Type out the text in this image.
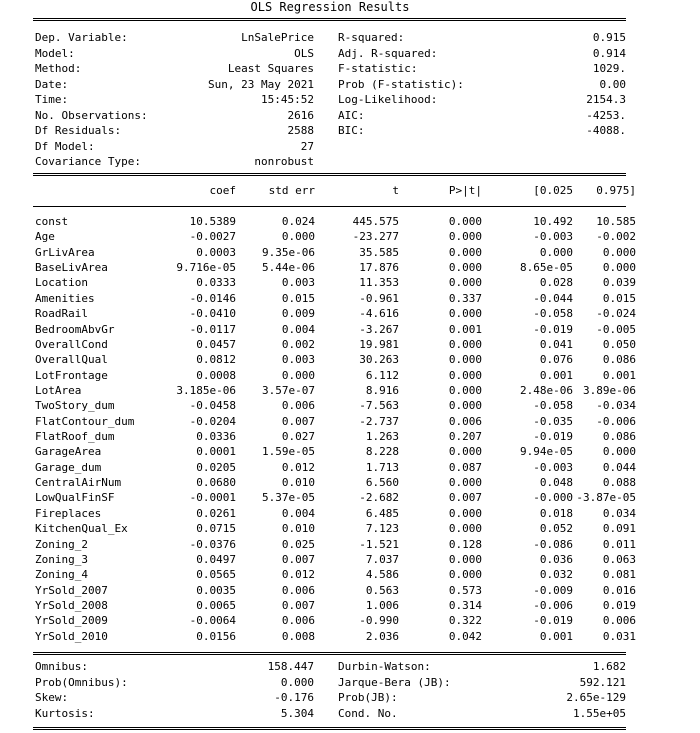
OLS Regression Results
Dep. Variable:	LnSalePrice
Model:	OLS
Method:	Least Squares
Date:	Sun, 23 May 2021
Time:	15:45:52
No. Observations:	2616
Df Residuals:	2588
Df Model:	27
Covariance Type:	nonrobust
R-squared:	0.915
Adj. R-squared:	0.914
F-statistic:	1029.
Prob (F-statistic):	0.00
Log-Likelihood:	2154.3
AIC:	-4253.
BIC:	-4088.
coef	std err	t	P>|t|	[0.025	0.975]
const	10.5389	0.024	445.575	0.000	10.492	10.585
Age	-0.0027	0.000	-23.277	0.000	-0.003	-0.002
GrLivArea	0.0003	9.35e-06	35.585	0.000	0.000	0.000
BaseLivArea	9.716e-05	5.44e-06	17.876	0.000	8.65e-05	0.000
Location	0.0333	0.003	11.353	0.000	0.028	0.039
Amenities	-0.0146	0.015	-0.961	0.337	-0.044	0.015
RoadRail	-0.0410	0.009	-4.616	0.000	-0.058	-0.024
BedroomAbvGr	-0.0117	0.004	-3.267	0.001	-0.019	-0.005
OverallCond	0.0457	0.002	19.981	0.000	0.041	0.050
OverallQual	0.0812	0.003	30.263	0.000	0.076	0.086
LotFrontage	0.0008	0.000	6.112	0.000	0.001	0.001
LotArea	3.185e-06	3.57e-07	8.916	0.000	2.48e-06 3.89e-06
TwoStory_dum	-0.0458	0.006	-7.563	0.000	-0.058	-0.034
FlatContour_dum	-0.0204	0.007	-2.737	0.006	-0.035	-0.006
FlatRoof_dum	0.0336	0.027	1.263	0.207	-0.019	0.086
GarageArea	0.0001	1.59e-05	8.228	0.000	9.94e-05	0.000
Garage_dum	0.0205	0.012	1.713	0.087	-0.003	0.044
CentralAirNum	0.0680	0.010	6.560	0.000	0.048	0.088
LowQualFinSF	-0.0001	5.37e-05	-2.682	0.007	-0.000 -3.87e-05
Fireplaces	0.0261	0.004	6.485	0.000	0.018	0.034
KitchenQual_Ex	0.0715	0.010	7.123	0.000	0.052	0.091
Zoning_2	-0.0376	0.025	-1.521	0.128	-0.086	0.011
Zoning_3	0.0497	0.007	7.037	0.000	0.036	0.063
Zoning_4	0.0565	0.012	4.586	0.000	0.032	0.081
YrSold_2007	0.0035	0.006	0.563	0.573	-0.009	0.016
YrSold_2008	0.0065	0.007	1.006	0.314	-0.006	0.019
YrSold_2009	-0.0064	0.006	-0.990	0.322	-0.019	0.006
YrSold_2010	0.0156	0.008	2.036	0.042	0.001	0.031
Omnibus:	158.447
Prob(Omnibus):	0.000
Skew:	-0.176
Kurtosis:	5.304
Durbin-Watson:	1.682
Jarque-Bera (JB):	592.121
Prob(JB):	2.65e-129
Cond. No.	1.55e+05
